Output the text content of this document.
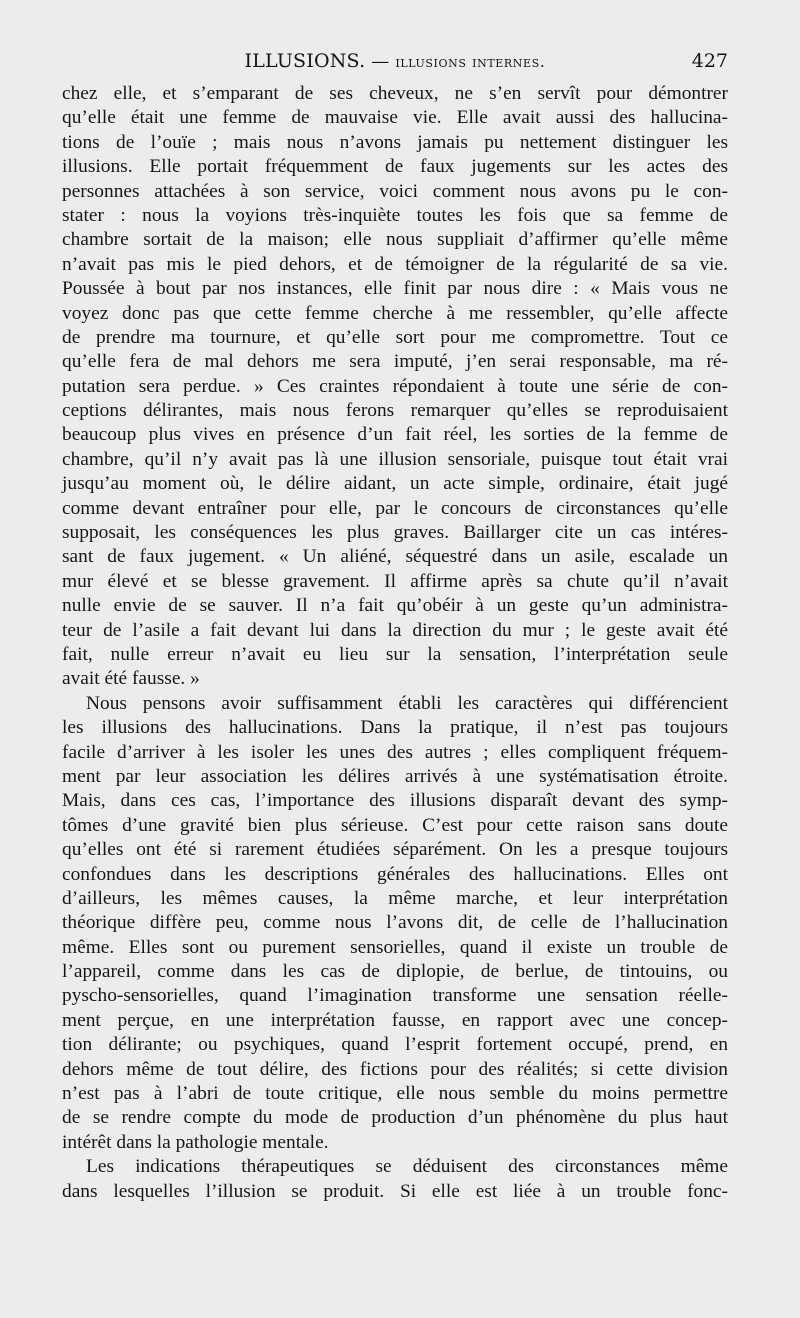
ILLUSIONS. — illusions internes.	427
chez elle, et s’emparant de ses cheveux, ne s’en servît pour démontrer
qu’elle était une femme de mauvaise vie. Elle avait aussi des hallucina-
tions de l’ouïe ; mais nous n’avons jamais pu nettement distinguer les
illusions. Elle portait fréquemment de faux jugements sur les actes des
personnes attachées à son service, voici comment nous avons pu le con-
stater : nous la voyions très-inquiète toutes les fois que sa femme de
chambre sortait de la maison; elle nous suppliait d’affirmer qu’elle même
n’avait pas mis le pied dehors, et de témoigner de la régularité de sa vie.
Poussée à bout par nos instances, elle finit par nous dire : « Mais vous ne
voyez donc pas que cette femme cherche à me ressembler, qu’elle affecte
de prendre ma tournure, et qu’elle sort pour me compromettre. Tout ce
qu’elle fera de mal dehors me sera imputé, j’en serai responsable, ma ré-
putation sera perdue. » Ces craintes répondaient à toute une série de con-
ceptions délirantes, mais nous ferons remarquer qu’elles se reproduisaient
beaucoup plus vives en présence d’un fait réel, les sorties de la femme de
chambre, qu’il n’y avait pas là une illusion sensoriale, puisque tout était vrai
jusqu’au moment où, le délire aidant, un acte simple, ordinaire, était jugé
comme devant entraîner pour elle, par le concours de circonstances qu’elle
supposait, les conséquences les plus graves. Baillarger cite un cas intéres-
sant de faux jugement. « Un aliéné, séquestré dans un asile, escalade un
mur élevé et se blesse gravement. Il affirme après sa chute qu’il n’avait
nulle envie de se sauver. Il n’a fait qu’obéir à un geste qu’un administra-
teur de l’asile a fait devant lui dans la direction du mur ; le geste avait été
fait, nulle erreur n’avait eu lieu sur la sensation, l’interprétation seule
avait été fausse. »
Nous pensons avoir suffisamment établi les caractères qui différencient
les illusions des hallucinations. Dans la pratique, il n’est pas toujours
facile d’arriver à les isoler les unes des autres ; elles compliquent fréquem-
ment par leur association les délires arrivés à une systématisation étroite.
Mais, dans ces cas, l’importance des illusions disparaît devant des symp-
tômes d’une gravité bien plus sérieuse. C’est pour cette raison sans doute
qu’elles ont été si rarement étudiées séparément. On les a presque toujours
confondues dans les descriptions générales des hallucinations. Elles ont
d’ailleurs, les mêmes causes, la même marche, et leur interprétation
théorique diffère peu, comme nous l’avons dit, de celle de l’hallucination
même. Elles sont ou purement sensorielles, quand il existe un trouble de
l’appareil, comme dans les cas de diplopie, de berlue, de tintouins, ou
pyscho-sensorielles, quand l’imagination transforme une sensation réelle-
ment perçue, en une interprétation fausse, en rapport avec une concep-
tion délirante; ou psychiques, quand l’esprit fortement occupé, prend, en
dehors même de tout délire, des fictions pour des réalités; si cette division
n’est pas à l’abri de toute critique, elle nous semble du moins permettre
de se rendre compte du mode de production d’un phénomène du plus haut
intérêt dans la pathologie mentale.
Les indications thérapeutiques se déduisent des circonstances même
dans lesquelles l’illusion se produit. Si elle est liée à un trouble fonc-
